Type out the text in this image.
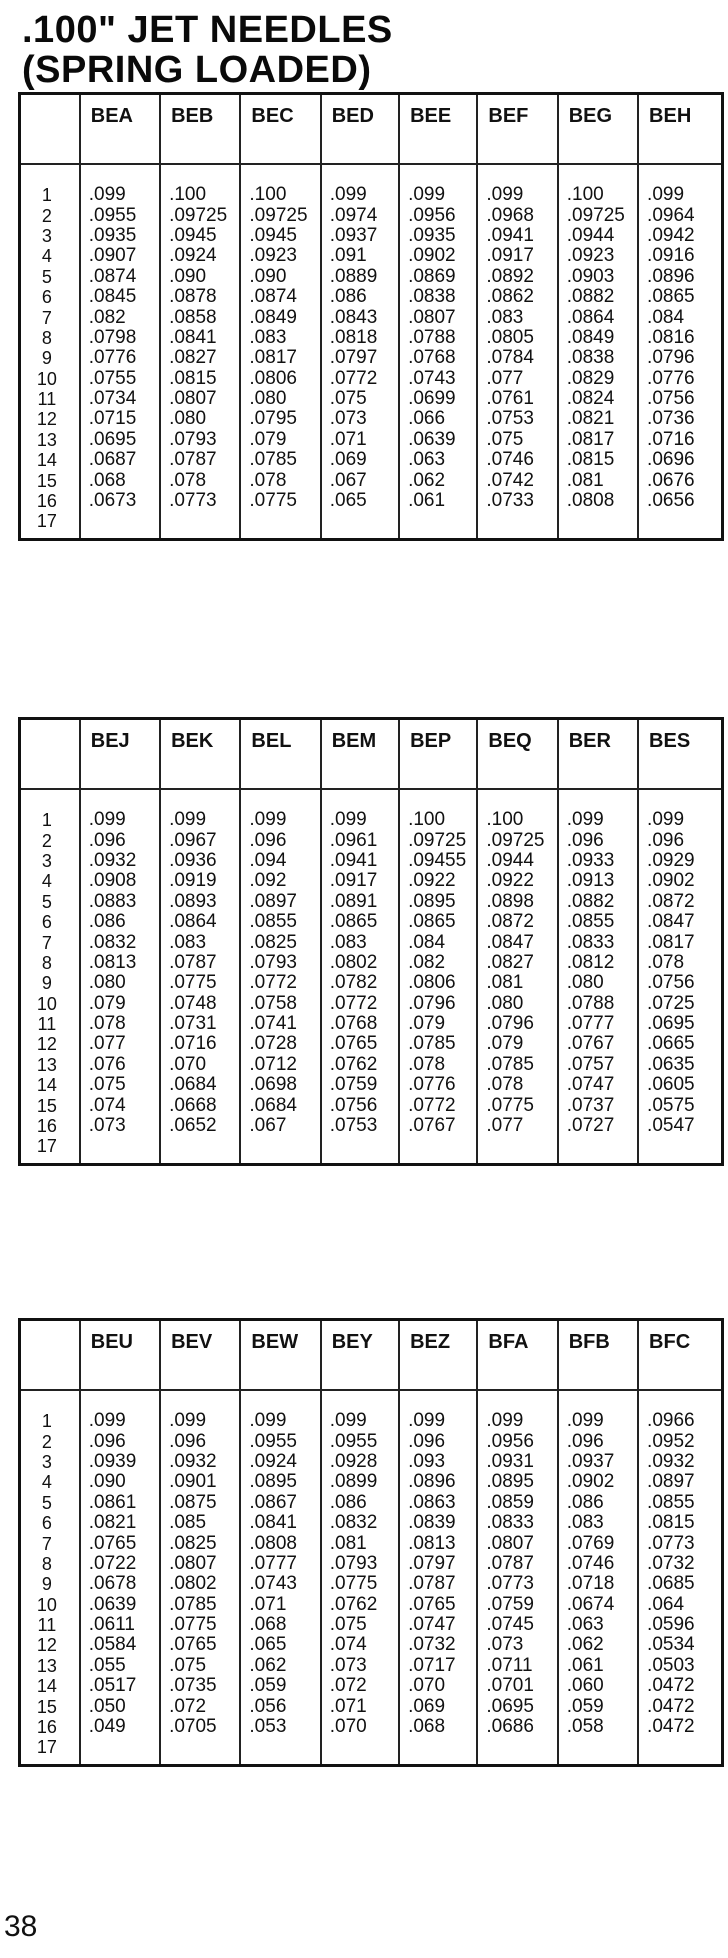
.100" JET NEEDLES
(SPRING LOADED)
	BEA	BEB	BEC	BED	BEE	BEF	BEG	BEH

1	.099	.100	.100	.099	.099	.099	.100	.099
2	.0955	.09725	.09725	.0974	.0956	.0968	.09725	.0964
3	.0935	.0945	.0945	.0937	.0935	.0941	.0944	.0942
4	.0907	.0924	.0923	.091	.0902	.0917	.0923	.0916
5	.0874	.090	.090	.0889	.0869	.0892	.0903	.0896
6	.0845	.0878	.0874	.086	.0838	.0862	.0882	.0865
7	.082	.0858	.0849	.0843	.0807	.083	.0864	.084
8	.0798	.0841	.083	.0818	.0788	.0805	.0849	.0816
9	.0776	.0827	.0817	.0797	.0768	.0784	.0838	.0796
10	.0755	.0815	.0806	.0772	.0743	.077	.0829	.0776
11	.0734	.0807	.080	.075	.0699	.0761	.0824	.0756
12	.0715	.080	.0795	.073	.066	.0753	.0821	.0736
13	.0695	.0793	.079	.071	.0639	.075	.0817	.0716
14	.0687	.0787	.0785	.069	.063	.0746	.0815	.0696
15	.068	.078	.078	.067	.062	.0742	.081	.0676
16	.0673	.0773	.0775	.065	.061	.0733	.0808	.0656
17								
	BEJ	BEK	BEL	BEM	BEP	BEQ	BER	BES

1	.099	.099	.099	.099	.100	.100	.099	.099
2	.096	.0967	.096	.0961	.09725	.09725	.096	.096
3	.0932	.0936	.094	.0941	.09455	.0944	.0933	.0929
4	.0908	.0919	.092	.0917	.0922	.0922	.0913	.0902
5	.0883	.0893	.0897	.0891	.0895	.0898	.0882	.0872
6	.086	.0864	.0855	.0865	.0865	.0872	.0855	.0847
7	.0832	.083	.0825	.083	.084	.0847	.0833	.0817
8	.0813	.0787	.0793	.0802	.082	.0827	.0812	.078
9	.080	.0775	.0772	.0782	.0806	.081	.080	.0756
10	.079	.0748	.0758	.0772	.0796	.080	.0788	.0725
11	.078	.0731	.0741	.0768	.079	.0796	.0777	.0695
12	.077	.0716	.0728	.0765	.0785	.079	.0767	.0665
13	.076	.070	.0712	.0762	.078	.0785	.0757	.0635
14	.075	.0684	.0698	.0759	.0776	.078	.0747	.0605
15	.074	.0668	.0684	.0756	.0772	.0775	.0737	.0575
16	.073	.0652	.067	.0753	.0767	.077	.0727	.0547
17								
	BEU	BEV	BEW	BEY	BEZ	BFA	BFB	BFC

1	.099	.099	.099	.099	.099	.099	.099	.0966
2	.096	.096	.0955	.0955	.096	.0956	.096	.0952
3	.0939	.0932	.0924	.0928	.093	.0931	.0937	.0932
4	.090	.0901	.0895	.0899	.0896	.0895	.0902	.0897
5	.0861	.0875	.0867	.086	.0863	.0859	.086	.0855
6	.0821	.085	.0841	.0832	.0839	.0833	.083	.0815
7	.0765	.0825	.0808	.081	.0813	.0807	.0769	.0773
8	.0722	.0807	.0777	.0793	.0797	.0787	.0746	.0732
9	.0678	.0802	.0743	.0775	.0787	.0773	.0718	.0685
10	.0639	.0785	.071	.0762	.0765	.0759	.0674	.064
11	.0611	.0775	.068	.075	.0747	.0745	.063	.0596
12	.0584	.0765	.065	.074	.0732	.073	.062	.0534
13	.055	.075	.062	.073	.0717	.0711	.061	.0503
14	.0517	.0735	.059	.072	.070	.0701	.060	.0472
15	.050	.072	.056	.071	.069	.0695	.059	.0472
16	.049	.0705	.053	.070	.068	.0686	.058	.0472
17								
38
